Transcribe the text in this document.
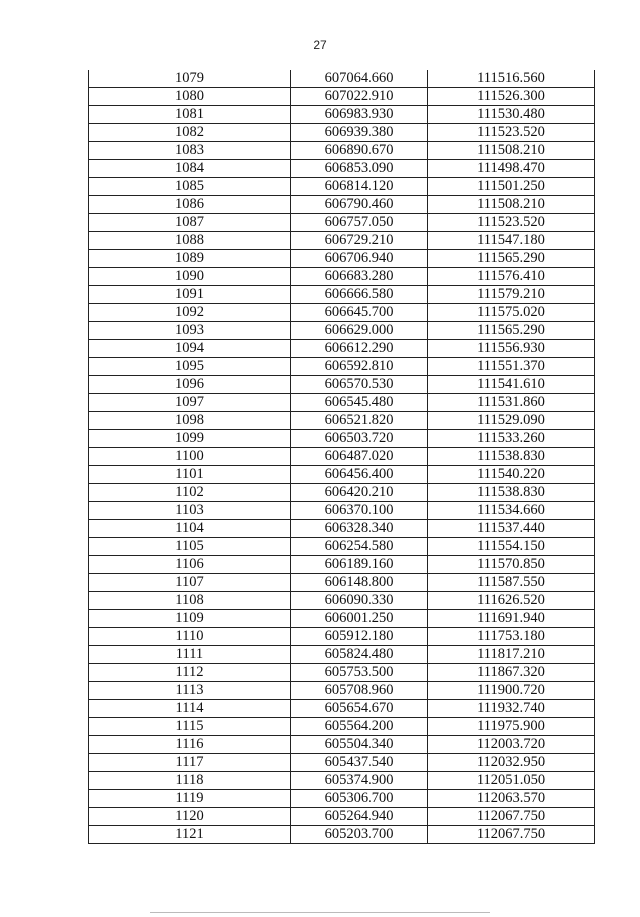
27
1079	607064.660	111516.560
1080	607022.910	111526.300
1081	606983.930	111530.480
1082	606939.380	111523.520
1083	606890.670	111508.210
1084	606853.090	111498.470
1085	606814.120	111501.250
1086	606790.460	111508.210
1087	606757.050	111523.520
1088	606729.210	111547.180
1089	606706.940	111565.290
1090	606683.280	111576.410
1091	606666.580	111579.210
1092	606645.700	111575.020
1093	606629.000	111565.290
1094	606612.290	111556.930
1095	606592.810	111551.370
1096	606570.530	111541.610
1097	606545.480	111531.860
1098	606521.820	111529.090
1099	606503.720	111533.260
1100	606487.020	111538.830
1101	606456.400	111540.220
1102	606420.210	111538.830
1103	606370.100	111534.660
1104	606328.340	111537.440
1105	606254.580	111554.150
1106	606189.160	111570.850
1107	606148.800	111587.550
1108	606090.330	111626.520
1109	606001.250	111691.940
1110	605912.180	111753.180
1111	605824.480	111817.210
1112	605753.500	111867.320
1113	605708.960	111900.720
1114	605654.670	111932.740
1115	605564.200	111975.900
1116	605504.340	112003.720
1117	605437.540	112032.950
1118	605374.900	112051.050
1119	605306.700	112063.570
1120	605264.940	112067.750
1121	605203.700	112067.750
